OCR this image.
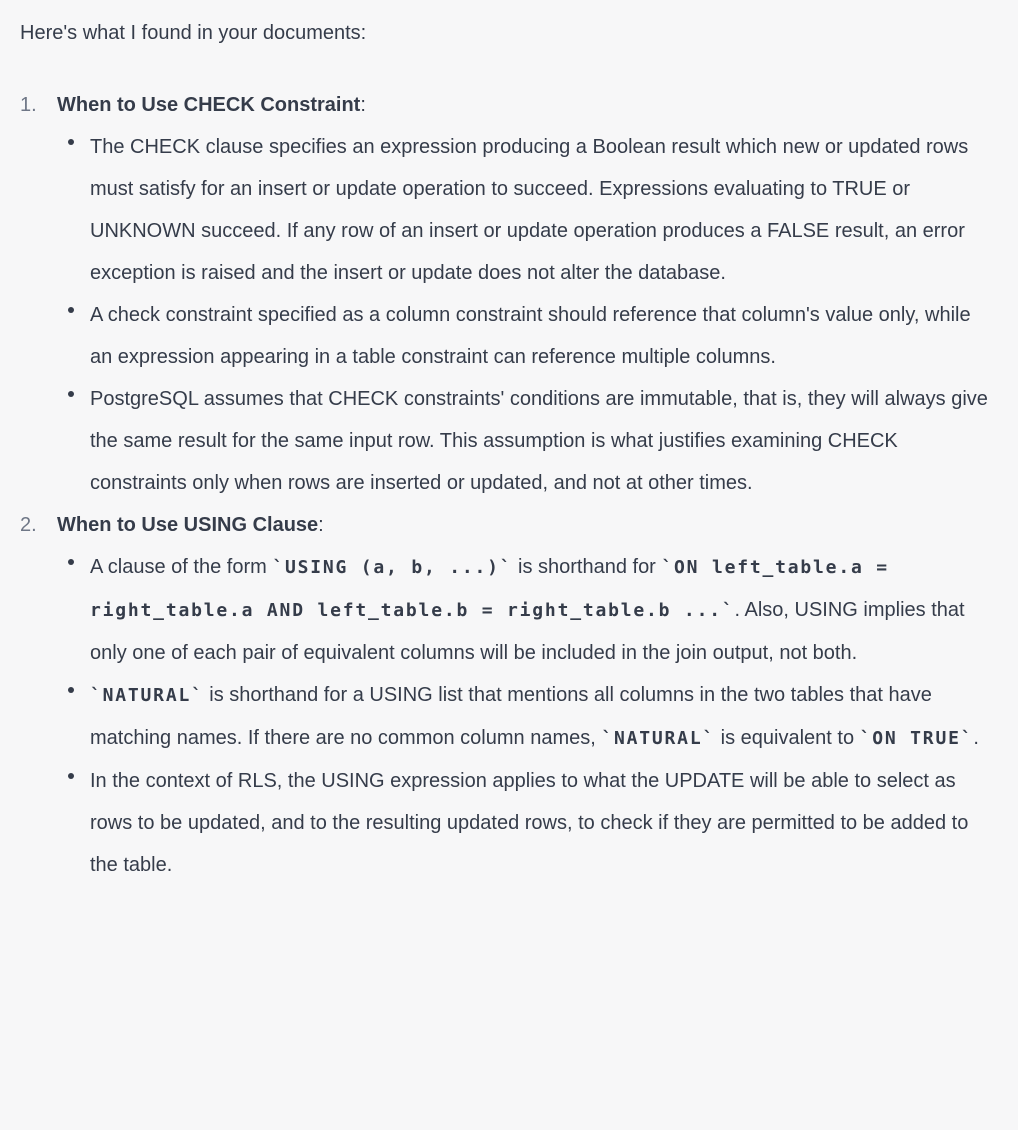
Here's what I found in your documents:

1.	When to Use CHECK Constraint:
The CHECK clause specifies an expression producing a Boolean result which new or updated rows must satisfy for an insert or update operation to succeed. Expressions evaluating to TRUE or UNKNOWN succeed. If any row of an insert or update operation produces a FALSE result, an error exception is raised and the insert or update does not alter the database.
A check constraint specified as a column constraint should reference that column's value only, while an expression appearing in a table constraint can reference multiple columns.
PostgreSQL assumes that CHECK constraints' conditions are immutable, that is, they will always give the same result for the same input row. This assumption is what justifies examining CHECK constraints only when rows are inserted or updated, and not at other times.
2.	When to Use USING Clause:
A clause of the form `USING (a, b, ...)` is shorthand for `ON left_table.a = right_table.a AND left_table.b = right_table.b ...`. Also, USING implies that only one of each pair of equivalent columns will be included in the join output, not both.
`NATURAL` is shorthand for a USING list that mentions all columns in the two tables that have matching names. If there are no common column names, `NATURAL` is equivalent to `ON TRUE`.
In the context of RLS, the USING expression applies to what the UPDATE will be able to select as rows to be updated, and to the resulting updated rows, to check if they are permitted to be added to the table.
